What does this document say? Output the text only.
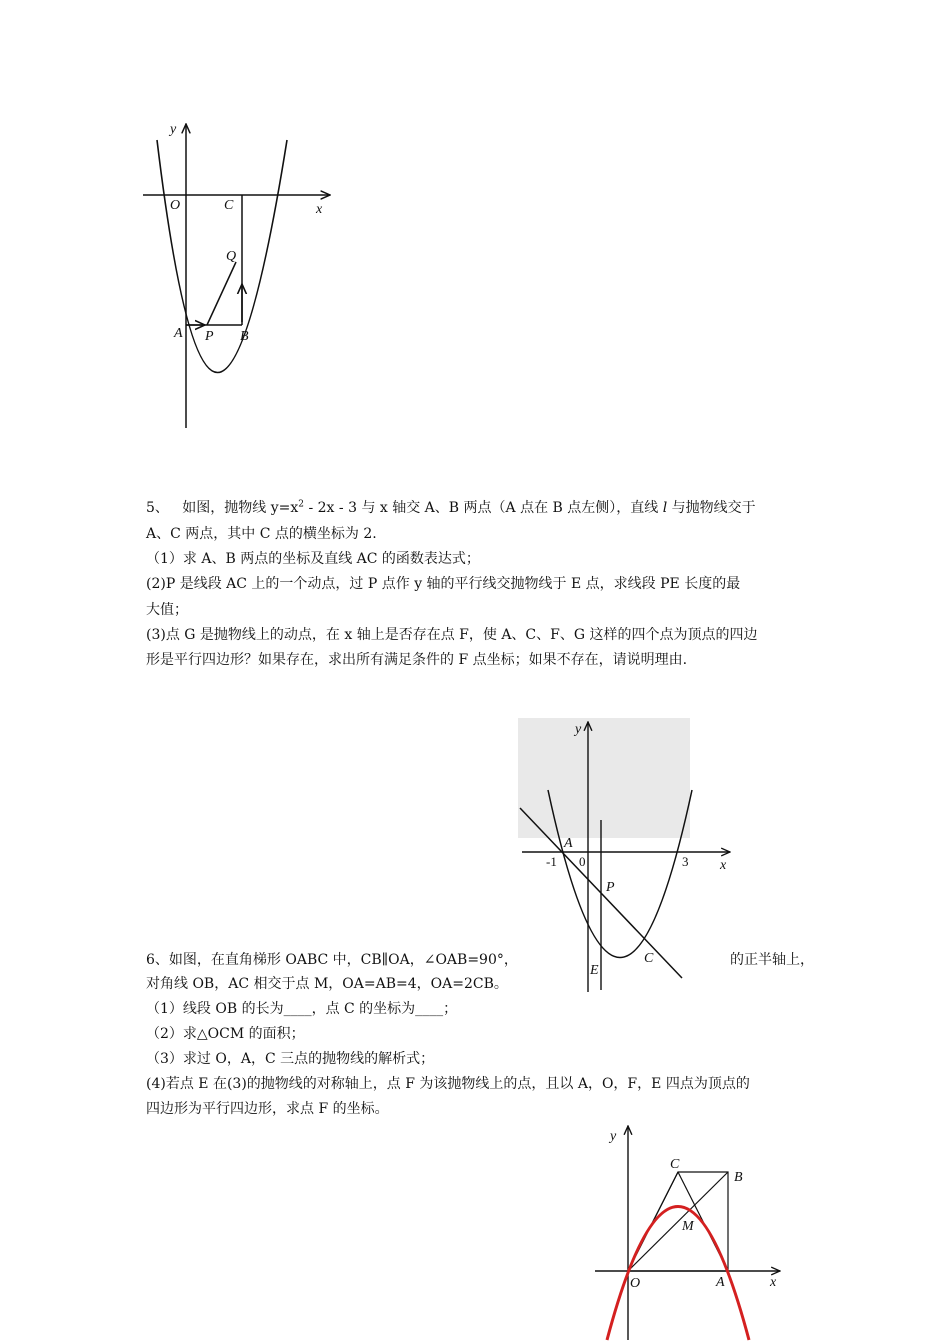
y
x
O	C
Q
A P B

5、 如图，抛物线 $y=x^2 - 2x - 3$ 与 x 轴交 A、B 两点（A 点在 B 点左侧），直线 l 与抛物线交于

A、C 两点，其中 C 点的横坐标为 2.

（1）求 A、B 两点的坐标及直线 AC 的函数表达式；

(2)P 是线段 AC 上的一个动点，过 P 点作 y 轴的平行线交抛物线于 E 点，求线段 PE 长度的最

大值；

(3)点 G 是抛物线上的动点，在 x 轴上是否存在点 F，使 A、C、F、G 这样的四个点为顶点的四边

形是平行四边形？如果存在，求出所有满足条件的 F 点坐标；如果不存在，请说明理由.

y
x
A
-1 0	3
P
E
C

6、如图，在直角梯形 OABC 中，CB∥OA，∠OAB=90°，	的正半轴上，

对角线 OB，AC 相交于点 M，OA=AB=4，OA=2CB。

（1）线段 OB 的长为____，点 C 的坐标为____；

（2）求△OCM 的面积；

（3）求过 O，A，C 三点的抛物线的解析式；

(4)若点 E 在(3)的抛物线的对称轴上，点 F 为该抛物线上的点，且以 A，O，F，E 四点为顶点的

四边形为平行四边形，求点 F 的坐标。

y
x
C
B
M
O	A
